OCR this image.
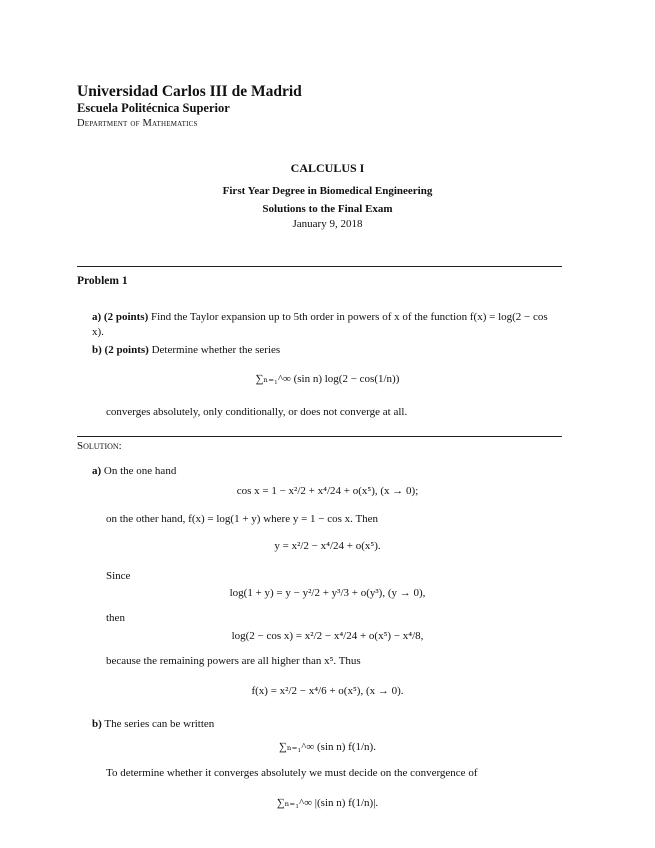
Universidad Carlos III de Madrid
Escuela Politécnica Superior
Department of Mathematics
CALCULUS I
First Year Degree in Biomedical Engineering
Solutions to the Final Exam
January 9, 2018
Problem 1
a) (2 points) Find the Taylor expansion up to 5th order in powers of x of the function f(x) = log(2 − cos x).
b) (2 points) Determine whether the series
∑ₙ₌₁^∞ (sin n) log(2 − cos(1/n))
converges absolutely, only conditionally, or does not converge at all.
Solution:
a) On the one hand
cos x = 1 − x²/2 + x⁴/24 + o(x⁵), (x → 0);
on the other hand, f(x) = log(1 + y) where y = 1 − cos x. Then
y = x²/2 − x⁴/24 + o(x⁵).
Since
log(1 + y) = y − y²/2 + y³/3 + o(y³), (y → 0),
then
log(2 − cos x) = x²/2 − x⁴/24 + o(x⁵) − x⁴/8,
because the remaining powers are all higher than x⁵. Thus
f(x) = x²/2 − x⁴/6 + o(x⁵), (x → 0).
b) The series can be written
∑ₙ₌₁^∞ (sin n) f(1/n).
To determine whether it converges absolutely we must decide on the convergence of
∑ₙ₌₁^∞ |(sin n) f(1/n)|.
